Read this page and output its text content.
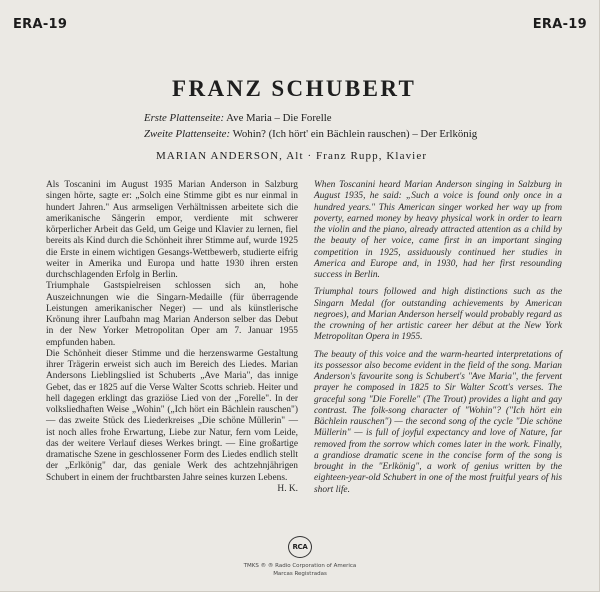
ERA-19	ERA-19
FRANZ SCHUBERT
Erste Plattenseite: Ave Maria – Die Forelle
Zweite Plattenseite: Wohin? (Ich hört' ein Bächlein rauschen) – Der Erlkönig
MARIAN ANDERSON, Alt · Franz Rupp, Klavier

Als Toscanini im August 1935 Marian Anderson in Salzburg singen hörte, sagte er: „Solch eine Stimme gibt es nur einmal in hundert Jahren." Aus armseligen Verhältnissen arbeitete sich die amerikanische Sängerin empor, verdiente mit schwerer körperlicher Arbeit das Geld, um Geige und Klavier zu lernen, fiel bereits als Kind durch die Schönheit ihrer Stimme auf, wurde 1925 die Erste in einem wichtigen Gesangs-Wettbewerb, studierte eifrig weiter in Amerika und Europa und hatte 1930 ihren ersten durchschlagenden Erfolg in Berlin.

Triumphale Gastspielreisen schlossen sich an, hohe Auszeichnungen wie die Singarn-Medaille (für überragende Leistungen amerikanischer Neger) — und als künstlerische Krönung ihrer Laufbahn mag Marian Anderson selber das Debut in der New Yorker Metropolitan Oper am 7. Januar 1955 empfunden haben.

Die Schönheit dieser Stimme und die herzenswarme Gestaltung ihrer Trägerin erweist sich auch im Bereich des Liedes. Marian Andersons Lieblingslied ist Schuberts „Ave Maria", das innige Gebet, das er 1825 auf die Verse Walter Scotts schrieb. Heiter und hell dagegen erklingt das graziöse Lied von der „Forelle". In der volksliedhaften Weise „Wohin" („Ich hört ein Bächlein rauschen") — das zweite Stück des Liederkreises „Die schöne Müllerin" — ist noch alles frohe Erwartung, Liebe zur Natur, fern vom Leide, das der weitere Verlauf dieses Werkes bringt. — Eine großartige dramatische Szene in geschlossener Form des Liedes endlich stellt der „Erlkönig" dar, das geniale Werk des achtzehnjährigen Schubert in einem der fruchtbarsten Jahre seines kurzen Lebens.
H. K.

When Toscanini heard Marian Anderson singing in Salzburg in August 1935, he said: „Such a voice is found only once in a hundred years." This American singer worked her way up from poverty, earned money by heavy physical work in order to learn the violin and the piano, already attracted attention as a child by the beauty of her voice, came first in an important singing competition in 1925, assiduously continued her studies in America and Europe and, in 1930, had her first resounding success in Berlin.

Triumphal tours followed and high distinctions such as the Singarn Medal (for outstanding achievements by American negroes), and Marian Anderson herself would probably regard as the crowning of her artistic career her début at the New York Metropolitan Opera in 1955.

The beauty of this voice and the warm-hearted interpretations of its possessor also become evident in the field of the song. Marian Anderson's favourite song is Schubert's "Ave Maria", the fervent prayer he composed in 1825 to Sir Walter Scott's verses. The graceful song "Die Forelle" (The Trout) provides a light and gay contrast. The folk-song character of "Wohin"? ("Ich hört ein Bächlein rauschen") — the second song of the cycle "Die schöne Müllerin" — is full of joyful expectancy and love of Nature, far removed from the sorrow which comes later in the work. Finally, a grandiose dramatic scene in the concise form of the song is brought in the "Erlkönig", a work of genius written by the eighteen-year-old Schubert in one of the most fruitful years of his short life.

RCA
TMKS ® ® Radio Corporation of America
Marcas Registradas
